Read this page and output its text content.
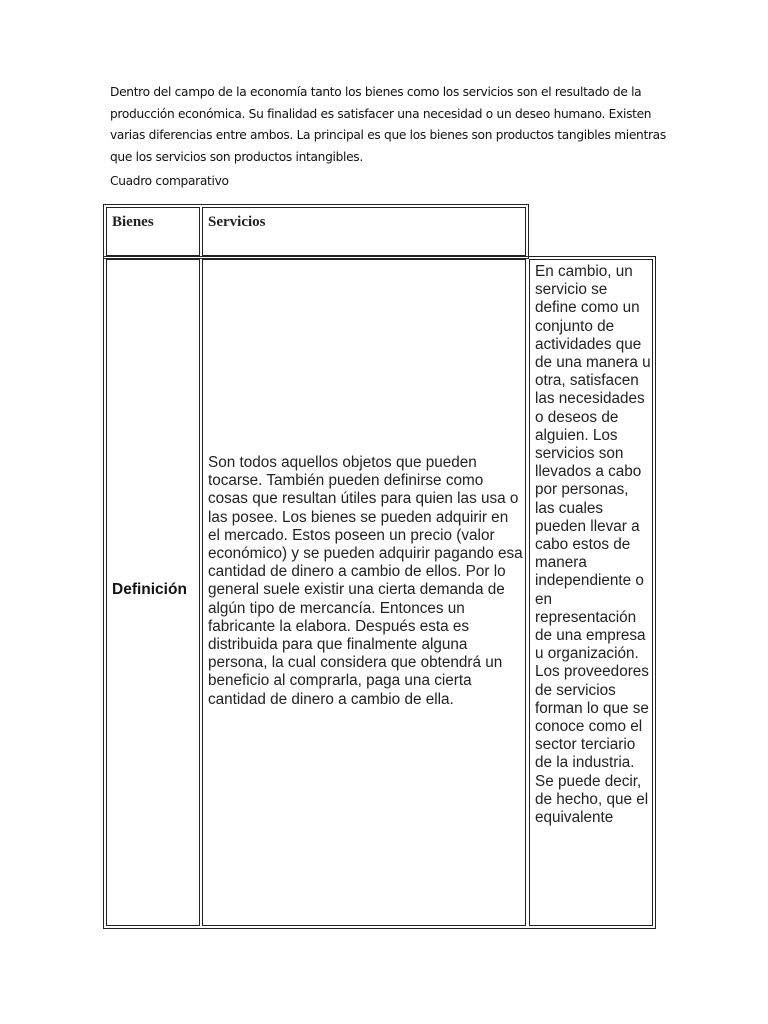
Dentro del campo de la economía tanto los bienes como los servicios son el resultado de la producción económica. Su finalidad es satisfacer una necesidad o un deseo humano. Existen varias diferencias entre ambos. La principal es que los bienes son productos tangibles mientras que los servicios son productos intangibles.

Cuadro comparativo

Bienes	Servicios
Definición

Son todos aquellos objetos que pueden tocarse. También pueden definirse como cosas que resultan útiles para quien las usa o las posee. Los bienes se pueden adquirir en el mercado. Estos poseen un precio (valor económico) y se pueden adquirir pagando esa cantidad de dinero a cambio de ellos. Por lo general suele existir una cierta demanda de algún tipo de mercancía. Entonces un fabricante la elabora. Después esta es distribuida para que finalmente alguna persona, la cual considera que obtendrá un beneficio al comprarla, paga una cierta cantidad de dinero a cambio de ella.

En cambio, un servicio se define como un conjunto de actividades que de una manera u otra, satisfacen las necesidades o deseos de alguien. Los servicios son llevados a cabo por personas, las cuales pueden llevar a cabo estos de manera independiente o en representación de una empresa u organización. Los proveedores de servicios forman lo que se conoce como el sector terciario de la industria. Se puede decir, de hecho, que el equivalente
